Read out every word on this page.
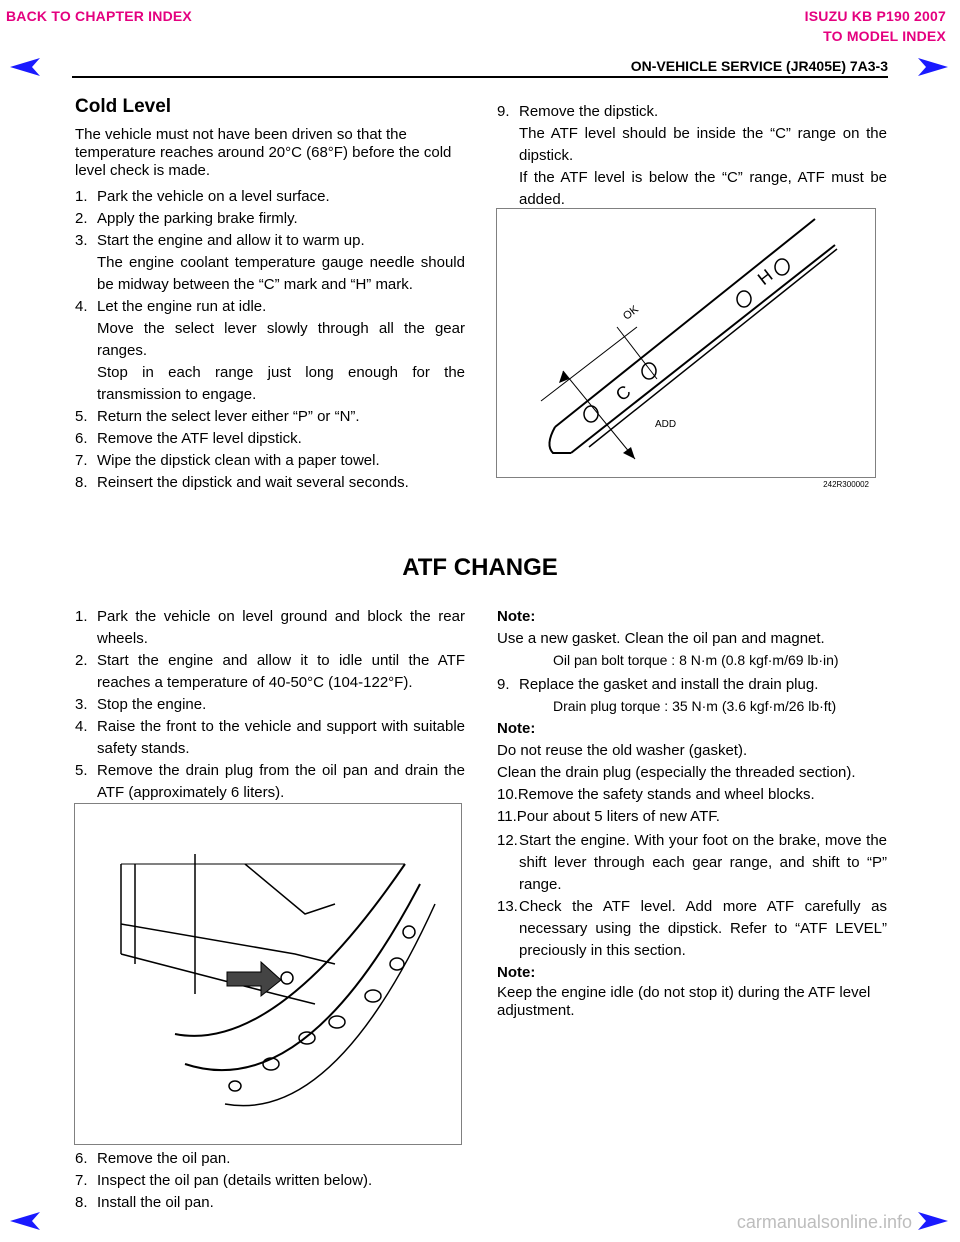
BACK TO CHAPTER INDEX	ISUZU KB P190 2007
TO MODEL INDEX
ON-VEHICLE SERVICE (JR405E) 7A3-3
Cold Level
The vehicle must not have been driven so that the temperature reaches around 20°C (68°F) before the cold level check is made.
1. Park the vehicle on a level surface.
2. Apply the parking brake firmly.
3. Start the engine and allow it to warm up.
The engine coolant temperature gauge needle should be midway between the “C” mark and “H” mark.
4. Let the engine run at idle.
Move the select lever slowly through all the gear ranges.
Stop in each range just long enough for the transmission to engage.
5. Return the select lever either “P” or “N”.
6. Remove the ATF level dipstick.
7. Wipe the dipstick clean with a paper towel.
8. Reinsert the dipstick and wait several seconds.
9. Remove the dipstick.
The ATF level should be inside the “C” range on the dipstick.
If the ATF level is below the “C” range, ATF must be added.
OK
H
C
ADD
242R300002
ATF CHANGE
1. Park the vehicle on level ground and block the rear wheels.
2. Start the engine and allow it to idle until the ATF reaches a temperature of 40-50°C (104-122°F).
3. Stop the engine.
4. Raise the front to the vehicle and support with suitable safety stands.
5. Remove the drain plug from the oil pan and drain the ATF (approximately 6 liters).
6. Remove the oil pan.
7. Inspect the oil pan (details written below).
8. Install the oil pan.
Note:
Use a new gasket. Clean the oil pan and magnet.
Oil pan bolt torque : 8 N·m (0.8 kgf·m/69 lb·in)
9. Replace the gasket and install the drain plug.
Drain plug torque : 35 N·m (3.6 kgf·m/26 lb·ft)
Note:
Do not reuse the old washer (gasket).
Clean the drain plug (especially the threaded section).
10.Remove the safety stands and wheel blocks.
11.Pour about 5 liters of new ATF.
12. Start the engine. With your foot on the brake, move the shift lever through each gear range, and shift to “P” range.
13. Check the ATF level. Add more ATF carefully as necessary using the dipstick. Refer to “ATF LEVEL” preciously in this section.
Note:
Keep the engine idle (do not stop it) during the ATF level adjustment.
carmanualsonline.info
